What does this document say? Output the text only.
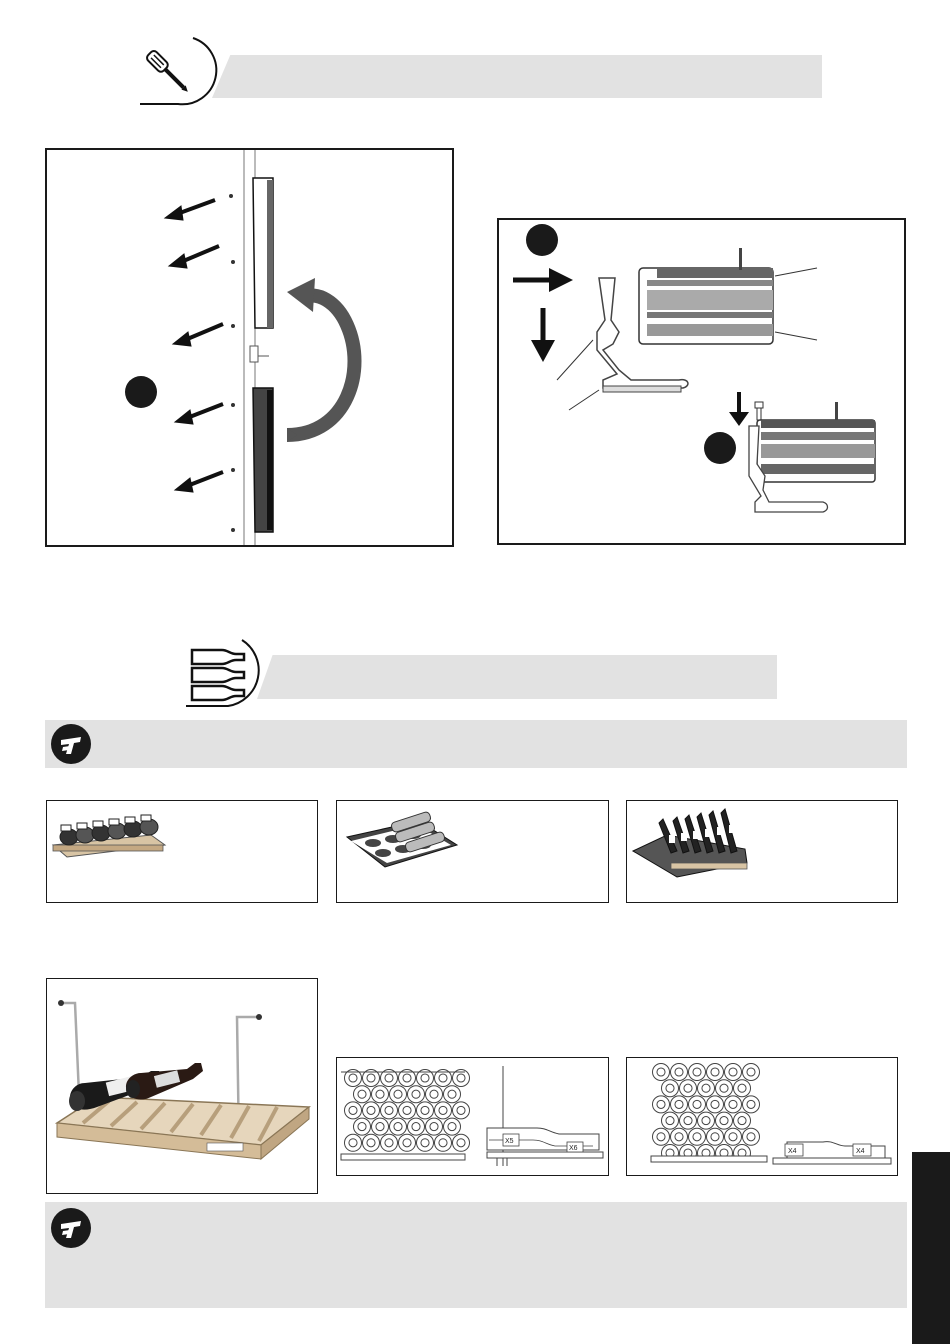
X5
X6	X4	X4
